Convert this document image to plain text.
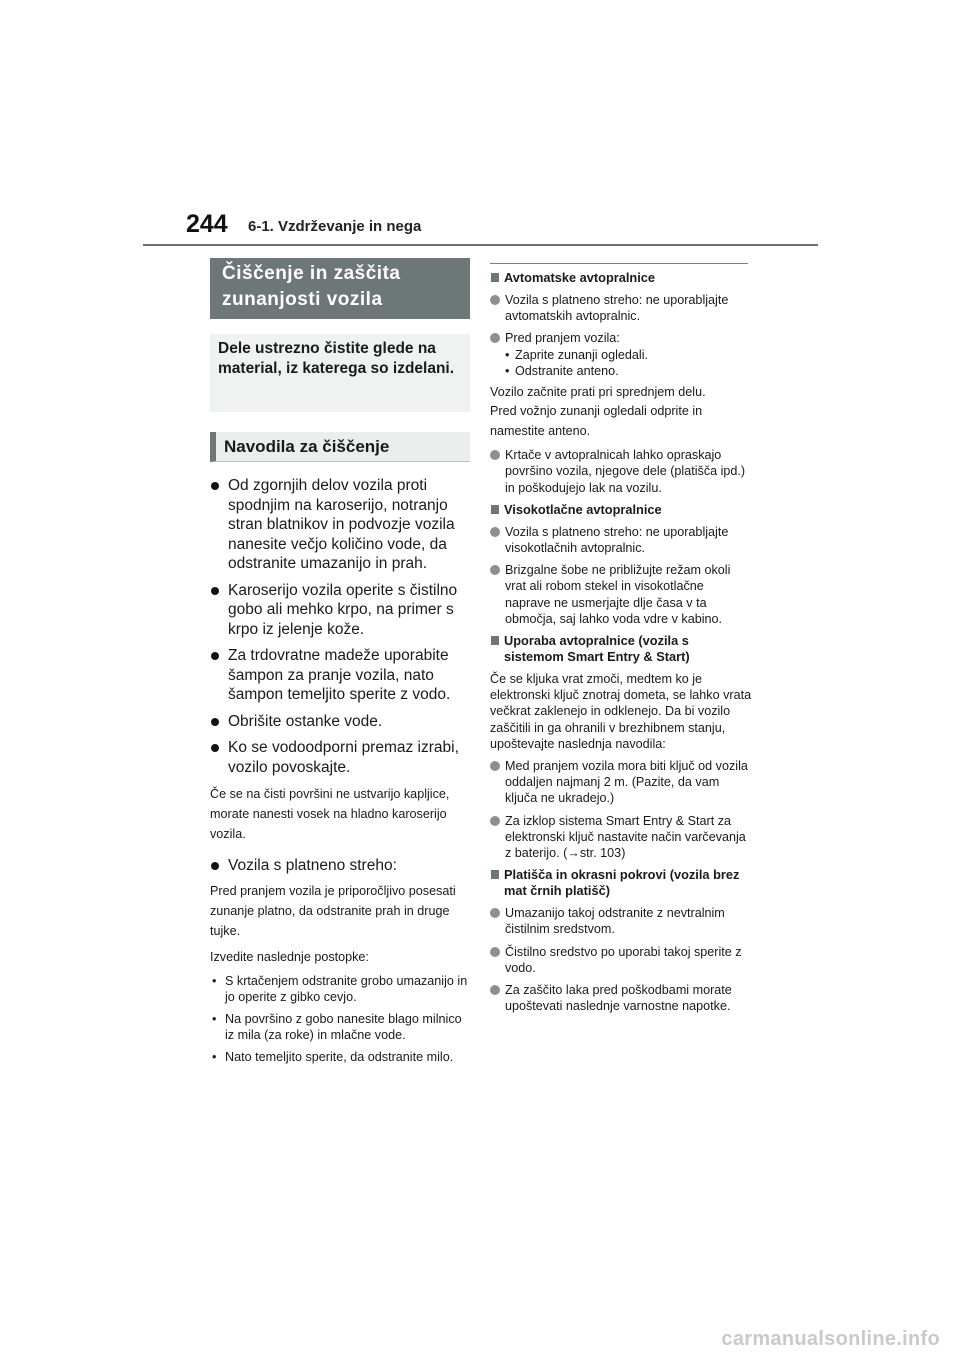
244 6-1. Vzdrževanje in nega
Čiščenje in zaščita zunanjosti vozila
Dele ustrezno čistite glede na material, iz katerega so izdelani.
Navodila za čiščenje
Od zgornjih delov vozila proti spodnjim na karoserijo, notranjo stran blatnikov in podvozje vozila nanesite večjo količino vode, da odstranite umazanijo in prah.
Karoserijo vozila operite s čistilno gobo ali mehko krpo, na primer s krpo iz jelenje kože.
Za trdovratne madeže uporabite šampon za pranje vozila, nato šampon temeljito sperite z vodo.
Obrišite ostanke vode.
Ko se vodoodporni premaz izrabi, vozilo povoskajte.

Če se na čisti površini ne ustvarijo kapljice, morate nanesti vosek na hladno karoserijo vozila.

Vozila s platneno streho:

Pred pranjem vozila je priporočljivo posesati zunanje platno, da odstranite prah in druge tujke.

Izvedite naslednje postopke:

• S krtačenjem odstranite grobo umazanijo in jo operite z gibko cevjo.
• Na površino z gobo nanesite blago milnico iz mila (za roke) in mlačne vode.
• Nato temeljito sperite, da odstranite milo.
Avtomatske avtopralnice

Vozila s platneno streho: ne uporabljajte avtomatskih avtopralnic.

Pred pranjem vozila:
• Zaprite zunanji ogledali.
• Odstranite anteno.

Vozilo začnite prati pri sprednjem delu.

Pred vožnjo zunanji ogledali odprite in namestite anteno.

Krtače v avtopralnicah lahko opraskajo površino vozila, njegove dele (platišča ipd.) in poškodujejo lak na vozilu.

Visokotlačne avtopralnice

Vozila s platneno streho: ne uporabljajte visokotlačnih avtopralnic.

Brizgalne šobe ne približujte režam okoli vrat ali robom stekel in visokotlačne naprave ne usmerjajte dlje časa v ta območja, saj lahko voda vdre v kabino.

Uporaba avtopralnice (vozila s sistemom Smart Entry & Start)

Če se kljuka vrat zmoči, medtem ko je elektronski ključ znotraj dometa, se lahko vrata večkrat zaklenejo in odklenejo. Da bi vozilo zaščitili in ga ohranili v brezhibnem stanju, upoštevajte naslednja navodila:

Med pranjem vozila mora biti ključ od vozila oddaljen najmanj 2 m. (Pazite, da vam ključa ne ukradejo.)

Za izklop sistema Smart Entry & Start za elektronski ključ nastavite način varčevanja z baterijo. (→str. 103)

Platišča in okrasni pokrovi (vozila brez mat črnih platišč)

Umazanijo takoj odstranite z nevtralnim čistilnim sredstvom.

Čistilno sredstvo po uporabi takoj sperite z vodo.

Za zaščito laka pred poškodbami morate upoštevati naslednje varnostne napotke.

carmanualsonline.info
